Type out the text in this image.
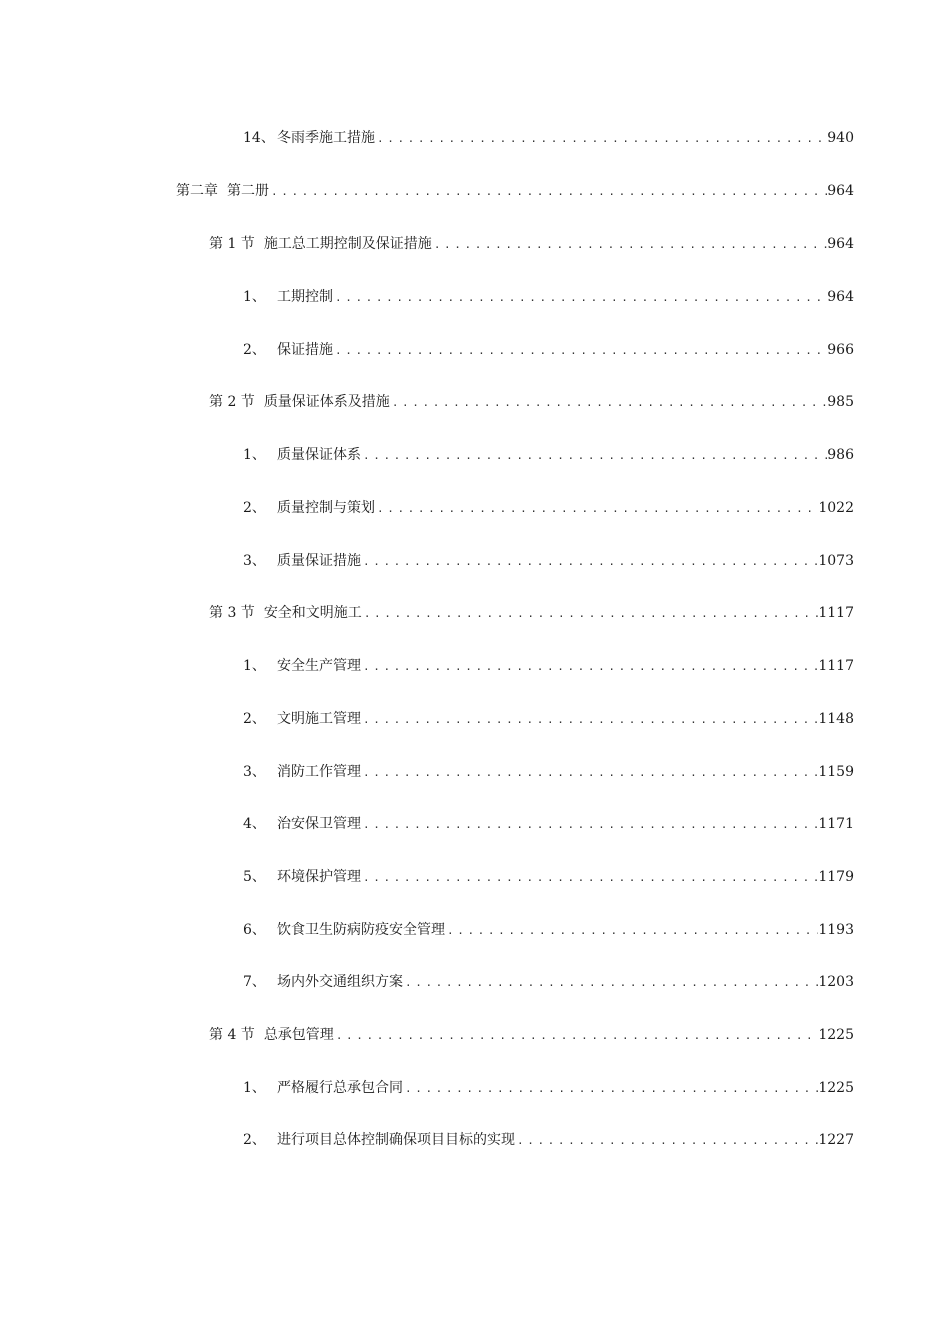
14、 冬雨季施工措施 .....	940
第二章 第二册 .....	964
第 1 节 施工总工期控制及保证措施 .....	964
1、 工期控制 .....	964
2、 保证措施 .....	966
第 2 节 质量保证体系及措施 .....	985
1、 质量保证体系 .....	986
2、 质量控制与策划 .....	1022
3、 质量保证措施 .....	1073
第 3 节 安全和文明施工 .....	1117
1、 安全生产管理 .....	1117
2、 文明施工管理 .....	1148
3、 消防工作管理 .....	1159
4、 治安保卫管理 .....	1171
5、 环境保护管理 .....	1179
6、 饮食卫生防病防疫安全管理 .....	1193
7、 场内外交通组织方案 .....	1203
第 4 节 总承包管理 .....	1225
1、 严格履行总承包合同 .....	1225
2、 进行项目总体控制确保项目目标的实现 .....	1227
